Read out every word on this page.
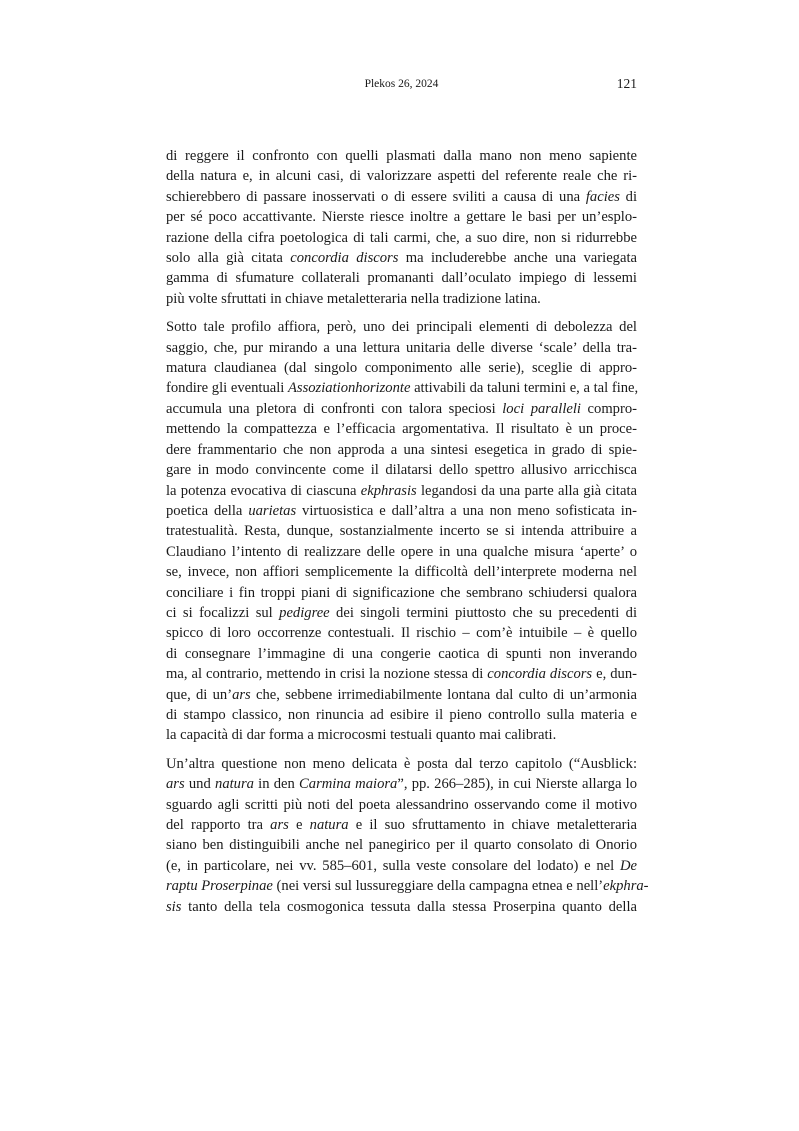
Plekos 26, 2024	121

di reggere il confronto con quelli plasmati dalla mano non meno sapiente
della natura e, in alcuni casi, di valorizzare aspetti del referente reale che ri-
schierebbero di passare inosservati o di essere sviliti a causa di una facies di
per sé poco accattivante. Nierste riesce inoltre a gettare le basi per un’esplo-
razione della cifra poetologica di tali carmi, che, a suo dire, non si ridurrebbe
solo alla già citata concordia discors ma includerebbe anche una variegata
gamma di sfumature collaterali promananti dall’oculato impiego di lessemi
più volte sfruttati in chiave metaletteraria nella tradizione latina.

Sotto tale profilo affiora, però, uno dei principali elementi di debolezza del
saggio, che, pur mirando a una lettura unitaria delle diverse ‘scale’ della tra-
matura claudianea (dal singolo componimento alle serie), sceglie di appro-
fondire gli eventuali Assoziationhorizonte attivabili da taluni termini e, a tal fine,
accumula una pletora di confronti con talora speciosi loci paralleli compro-
mettendo la compattezza e l’efficacia argomentativa. Il risultato è un proce-
dere frammentario che non approda a una sintesi esegetica in grado di spie-
gare in modo convincente come il dilatarsi dello spettro allusivo arricchisca
la potenza evocativa di ciascuna ekphrasis legandosi da una parte alla già citata
poetica della uarietas virtuosistica e dall’altra a una non meno sofisticata in-
tratestualità. Resta, dunque, sostanzialmente incerto se si intenda attribuire a
Claudiano l’intento di realizzare delle opere in una qualche misura ‘aperte’ o
se, invece, non affiori semplicemente la difficoltà dell’interprete moderna nel
conciliare i fin troppi piani di significazione che sembrano schiudersi qualora
ci si focalizzi sul pedigree dei singoli termini piuttosto che su precedenti di
spicco di loro occorrenze contestuali. Il rischio – com’è intuibile – è quello
di consegnare l’immagine di una congerie caotica di spunti non inverando
ma, al contrario, mettendo in crisi la nozione stessa di concordia discors e, dun-
que, di un’ars che, sebbene irrimediabilmente lontana dal culto di un’armonia
di stampo classico, non rinuncia ad esibire il pieno controllo sulla materia e
la capacità di dar forma a microcosmi testuali quanto mai calibrati.

Un’altra questione non meno delicata è posta dal terzo capitolo (“Ausblick:
ars und natura in den Carmina maiora”, pp. 266–285), in cui Nierste allarga lo
sguardo agli scritti più noti del poeta alessandrino osservando come il motivo
del rapporto tra ars e natura e il suo sfruttamento in chiave metaletteraria
siano ben distinguibili anche nel panegirico per il quarto consolato di Onorio
(e, in particolare, nei vv. 585–601, sulla veste consolare del lodato) e nel De
raptu Proserpinae (nei versi sul lussureggiare della campagna etnea e nell’ekphra-
sis tanto della tela cosmogonica tessuta dalla stessa Proserpina quanto della
